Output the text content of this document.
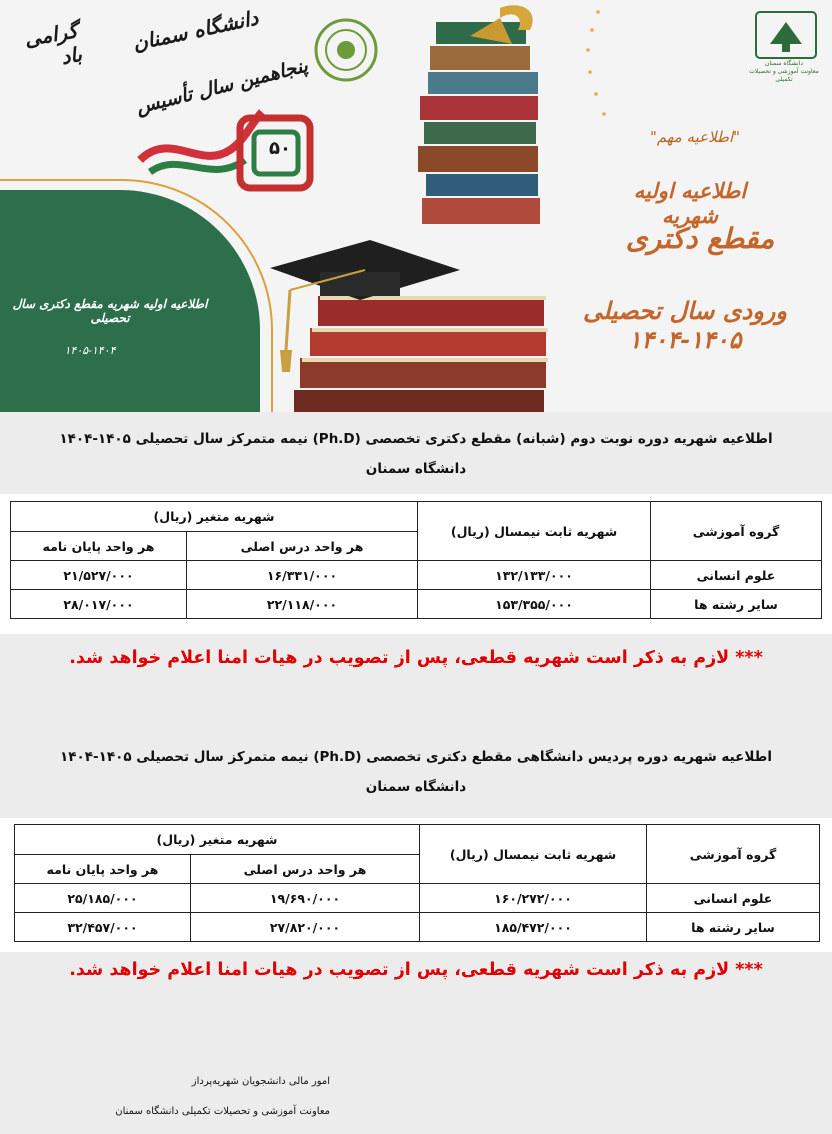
دانشگاه سمنان
معاونت آموزشی و تحصیلات تکمیلی
گرامی باد
دانشگاه سمنان
پنجاهمین سال تأسیس
۵۰
"اطلاعیه مهم"
اطلاعیه اولیه شهریه
مقطع دکتری
ورودی سال تحصیلی ۱۴۰۵-۱۴۰۴
اطلاعیه اولیه شهریه مقطع دکتری سال تحصیلی
۱۴۰۵-۱۴۰۴
اطلاعیه شهریه دوره نوبت دوم (شبانه) مقطع دکتری تخصصی (Ph.D) نیمه متمرکز سال تحصیلی ۱۴۰۵-۱۴۰۴
دانشگاه سمنان
گروه آموزشی	شهریه ثابت نیمسال (ریال)	شهریه متغیر (ریال)	
		هر واحد درس اصلی	هر واحد پایان نامه
علوم انسانی	۱۳۲/۱۳۳/۰۰۰	۱۶/۳۳۱/۰۰۰	۲۱/۵۲۷/۰۰۰
سایر رشته ها	۱۵۳/۳۵۵/۰۰۰	۲۲/۱۱۸/۰۰۰	۲۸/۰۱۷/۰۰۰
*** لازم به ذکر است شهریه قطعی، پس از تصویب در هیات امنا اعلام خواهد شد.
اطلاعیه شهریه دوره پردیس دانشگاهی مقطع دکتری تخصصی (Ph.D) نیمه متمرکز سال تحصیلی ۱۴۰۵-۱۴۰۴
دانشگاه سمنان
گروه آموزشی	شهریه ثابت نیمسال (ریال)	شهریه متغیر (ریال)	
		هر واحد درس اصلی	هر واحد پایان نامه
علوم انسانی	۱۶۰/۲۷۲/۰۰۰	۱۹/۶۹۰/۰۰۰	۲۵/۱۸۵/۰۰۰
سایر رشته ها	۱۸۵/۴۷۲/۰۰۰	۲۷/۸۲۰/۰۰۰	۳۲/۴۵۷/۰۰۰
*** لازم به ذکر است شهریه قطعی، پس از تصویب در هیات امنا اعلام خواهد شد.
امور مالی دانشجویان شهریه‌پرداز
معاونت آموزشی و تحصیلات تکمیلی دانشگاه سمنان
